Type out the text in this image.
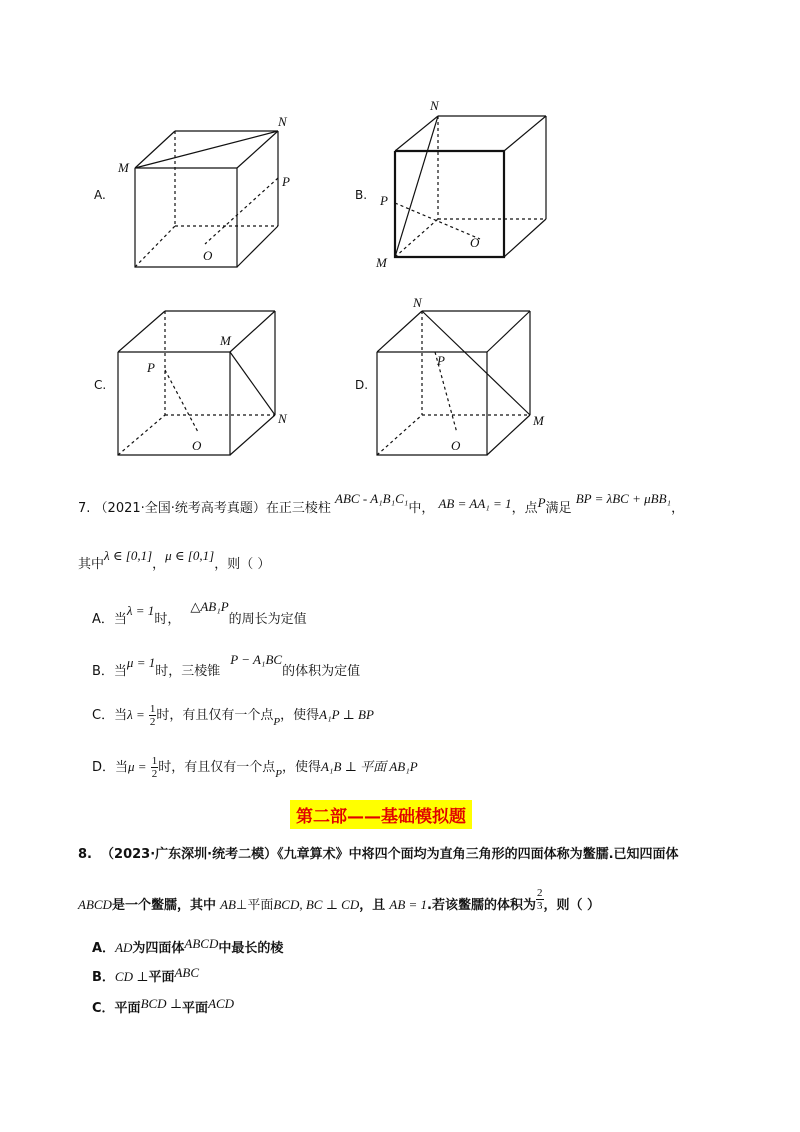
A.
M
N
P
O
B.
N
P
O
M
C.
M
P
N
O
D.
N
P
M
O
7. （2021·全国·统考高考真题）在正三棱柱 ABC - A₁B₁C₁中， AB = AA₁ = 1，点P满足 BP = λBC + μBB₁，
其中λ ∈ [0,1]，μ ∈ [0,1]，则（ ）
A．当λ = 1时，△AB₁P的周长为定值
B．当μ = 1时，三棱锥P − A₁BC的体积为定值
C．当$\lambda = \frac{1}{2}$ 时，有且仅有一个点$_P$，使得A₁P ⊥ BP
D．当$\mu = \frac{1}{2}$ 时，有且仅有一个点$_P$，使得A₁B ⊥ 平面 AB₁P
第二部——基础模拟题
8. （2023·广东深圳·统考二模）《九章算术》中将四个面均为直角三角形的四面体称为鳖臑.已知四面体
ABCD是一个鳖臑，其中 AB⊥平面BCD, BC ⊥ CD，且 AB = 1.若该鳖臑的体积为 $\frac{2}{3}$ ，则（ ）
A．AD为四面体ABCD中最长的棱
B．CD ⊥平面ABC
C．平面BCD ⊥平面ACD
